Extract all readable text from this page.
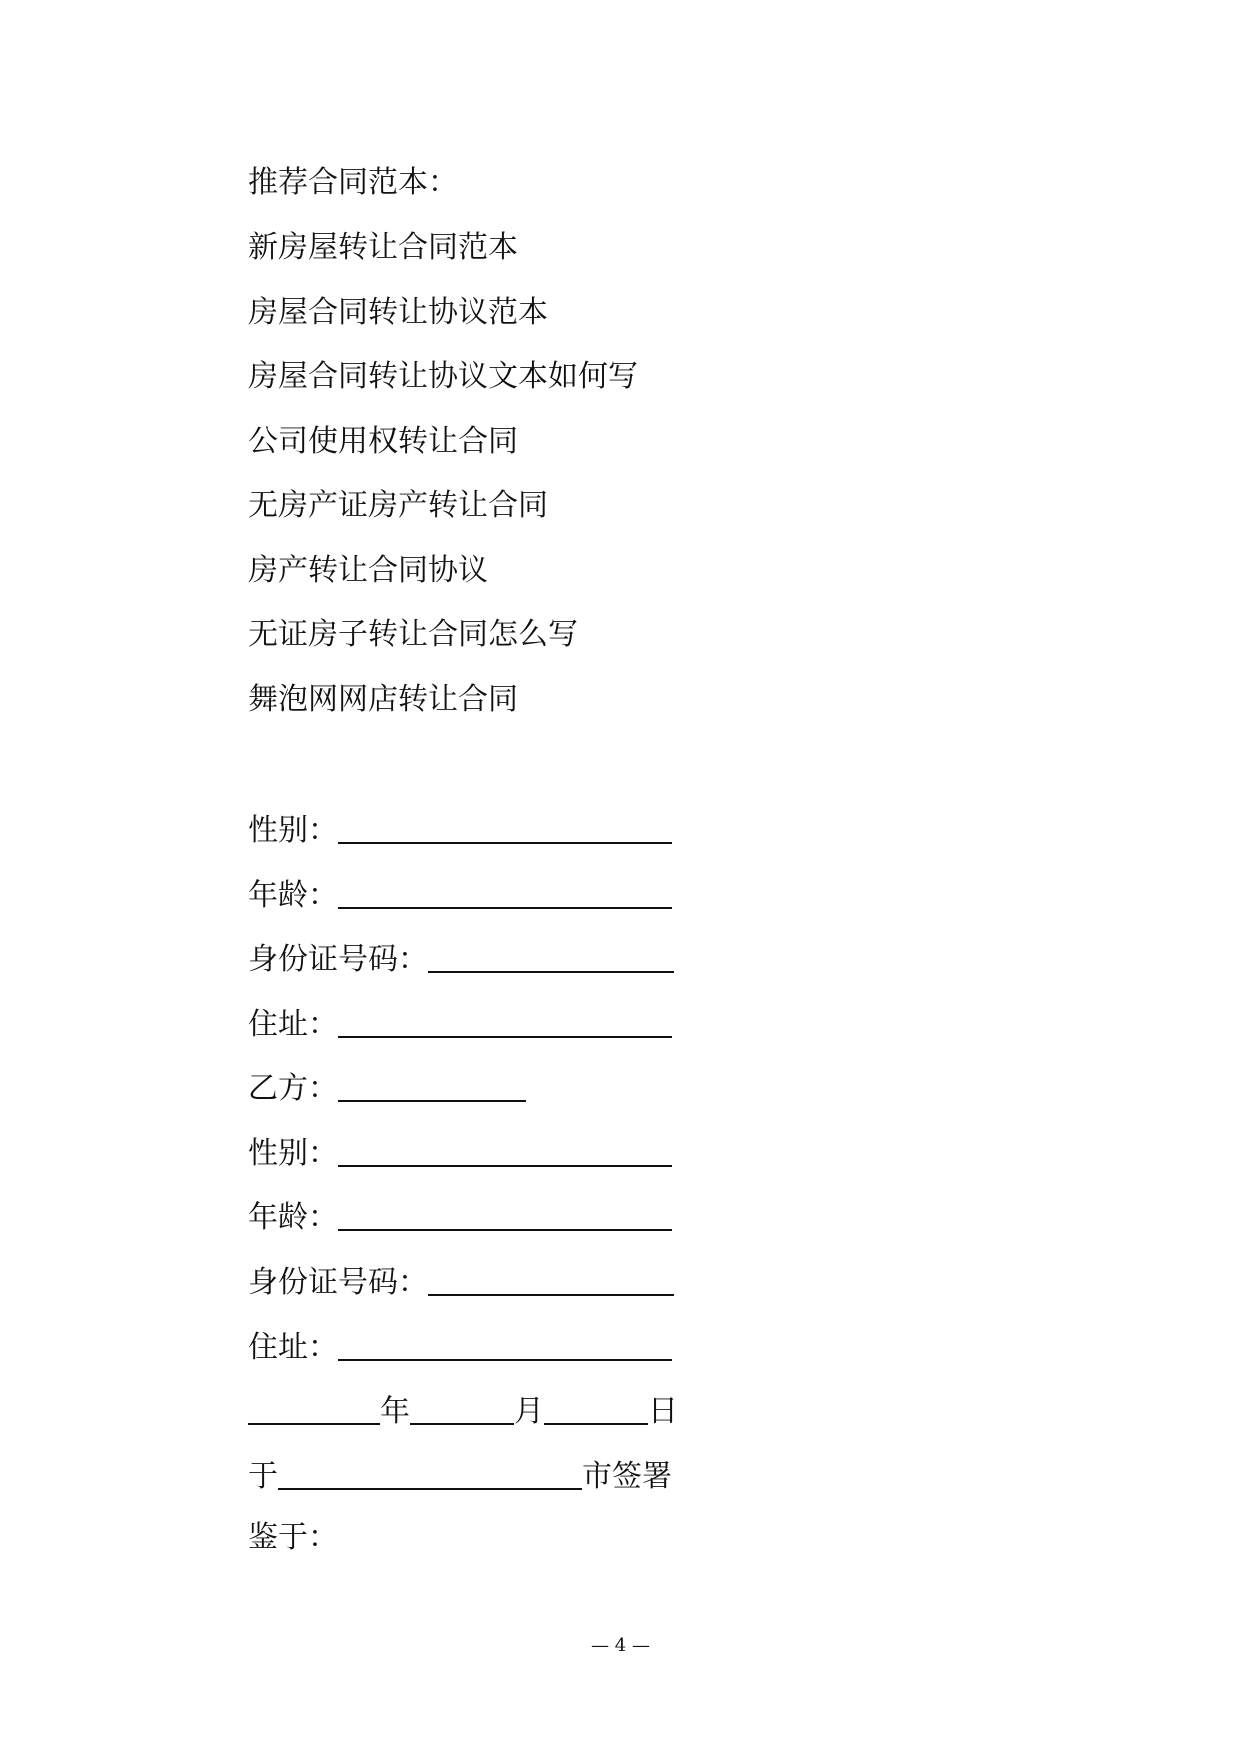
推荐合同范本：
新房屋转让合同范本
房屋合同转让协议范本
房屋合同转让协议文本如何写
公司使用权转让合同
无房产证房产转让合同
房产转让合同协议
无证房子转让合同怎么写
舞泡网网店转让合同
性别：
年龄：
身份证号码：
住址：
乙方：
性别：
年龄：
身份证号码：
住址：
年	月	日
于	市签署
鉴于：
— 4 —
